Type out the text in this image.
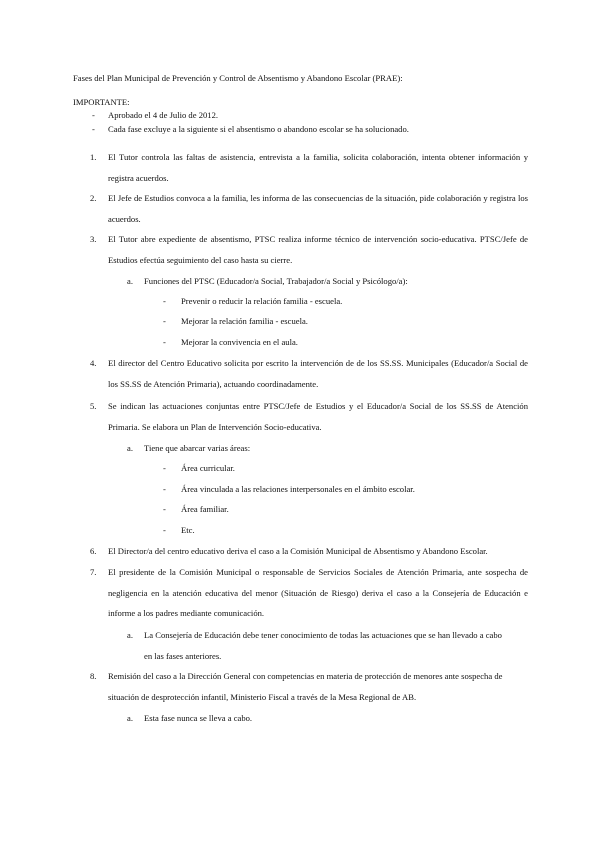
Fases del Plan Municipal de Prevención y Control de Absentismo y Abandono Escolar (PRAE):
IMPORTANTE:
- Aprobado el 4 de Julio de 2012.
- Cada fase excluye a la siguiente si el absentismo o abandono escolar se ha solucionado.
1. El Tutor controla las faltas de asistencia, entrevista a la familia, solicita colaboración, intenta obtener información y registra acuerdos.
2. El Jefe de Estudios convoca a la familia, les informa de las consecuencias de la situación, pide colaboración y registra los acuerdos.
3. El Tutor abre expediente de absentismo, PTSC realiza informe técnico de intervención socio-educativa. PTSC/Jefe de Estudios efectúa seguimiento del caso hasta su cierre.
a. Funciones del PTSC (Educador/a Social, Trabajador/a Social y Psicólogo/a):
- Prevenir o reducir la relación familia - escuela.
- Mejorar la relación familia - escuela.
- Mejorar la convivencia en el aula.
4. El director del Centro Educativo solicita por escrito la intervención de de los SS.SS. Municipales (Educador/a Social de los SS.SS de Atención Primaria), actuando coordinadamente.
5. Se indican las actuaciones conjuntas entre PTSC/Jefe de Estudios y el Educador/a Social de los SS.SS de Atención Primaria. Se elabora un Plan de Intervención Socio-educativa.
a. Tiene que abarcar varias áreas:
- Área curricular.
- Área vinculada a las relaciones interpersonales en el ámbito escolar.
- Área familiar.
- Etc.
6. El Director/a del centro educativo deriva el caso a la Comisión Municipal de Absentismo y Abandono Escolar.
7. El presidente de la Comisión Municipal o responsable de Servicios Sociales de Atención Primaria, ante sospecha de negligencia en la atención educativa del menor (Situación de Riesgo) deriva el caso a la Consejería de Educación e informe a los padres mediante comunicación.
a. La Consejería de Educación debe tener conocimiento de todas las actuaciones que se han llevado a cabo en las fases anteriores.
8. Remisión del caso a la Dirección General con competencias en materia de protección de menores ante sospecha de situación de desprotección infantil, Ministerio Fiscal a través de la Mesa Regional de AB.
a. Esta fase nunca se lleva a cabo.
